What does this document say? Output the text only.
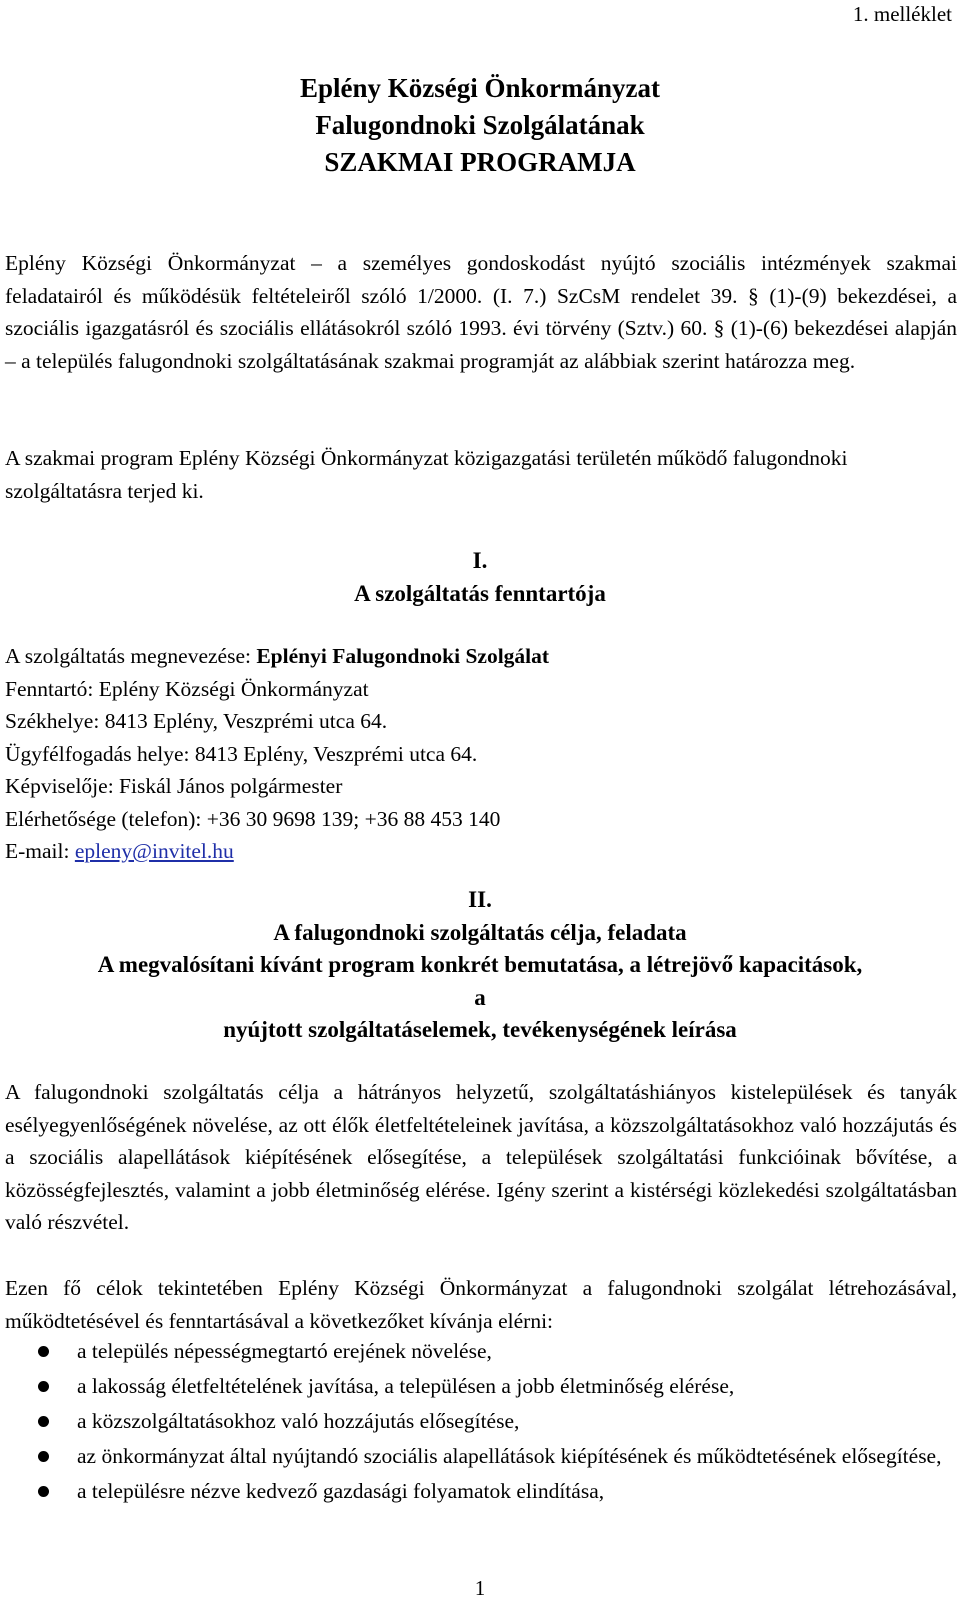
1. melléklet
Eplény Községi Önkormányzat
Falugondnoki Szolgálatának
SZAKMAI PROGRAMJA
Eplény Községi Önkormányzat – a személyes gondoskodást nyújtó szociális intézmények szakmai feladatairól és működésük feltételeiről szóló 1/2000. (I. 7.) SzCsM rendelet 39. § (1)-(9) bekezdései, a szociális igazgatásról és szociális ellátásokról szóló 1993. évi törvény (Sztv.) 60. § (1)-(6) bekezdései alapján – a település falugondnoki szolgáltatásának szakmai programját az alábbiak szerint határozza meg.
A szakmai program Eplény Községi Önkormányzat közigazgatási területén működő falugondnoki szolgáltatásra terjed ki.
I.
A szolgáltatás fenntartója
A szolgáltatás megnevezése: Eplényi Falugondnoki Szolgálat
Fenntartó: Eplény Községi Önkormányzat
Székhelye: 8413 Eplény, Veszprémi utca 64.
Ügyfélfogadás helye: 8413 Eplény, Veszprémi utca 64.
Képviselője: Fiskál János polgármester
Elérhetősége (telefon): +36 30 9698 139; +36 88 453 140
E-mail: epleny@invitel.hu
II.
A falugondnoki szolgáltatás célja, feladata
A megvalósítani kívánt program konkrét bemutatása, a létrejövő kapacitások,
a
nyújtott szolgáltatáselemek, tevékenységének leírása
A falugondnoki szolgáltatás célja a hátrányos helyzetű, szolgáltatáshiányos kistelepülések és tanyák esélyegyenlőségének növelése, az ott élők életfeltételeinek javítása, a közszolgáltatásokhoz való hozzájutás és a szociális alapellátások kiépítésének elősegítése, a települések szolgáltatási funkcióinak bővítése, a közösségfejlesztés, valamint a jobb életminőség elérése. Igény szerint a kistérségi közlekedési szolgáltatásban való részvétel.
Ezen fő célok tekintetében Eplény Községi Önkormányzat a falugondnoki szolgálat létrehozásával, működtetésével és fenntartásával a következőket kívánja elérni:
a település népességmegtartó erejének növelése,
a lakosság életfeltételének javítása, a településen a jobb életminőség elérése,
a közszolgáltatásokhoz való hozzájutás elősegítése,
az önkormányzat által nyújtandó szociális alapellátások kiépítésének és működtetésének elősegítése,
a településre nézve kedvező gazdasági folyamatok elindítása,
1
